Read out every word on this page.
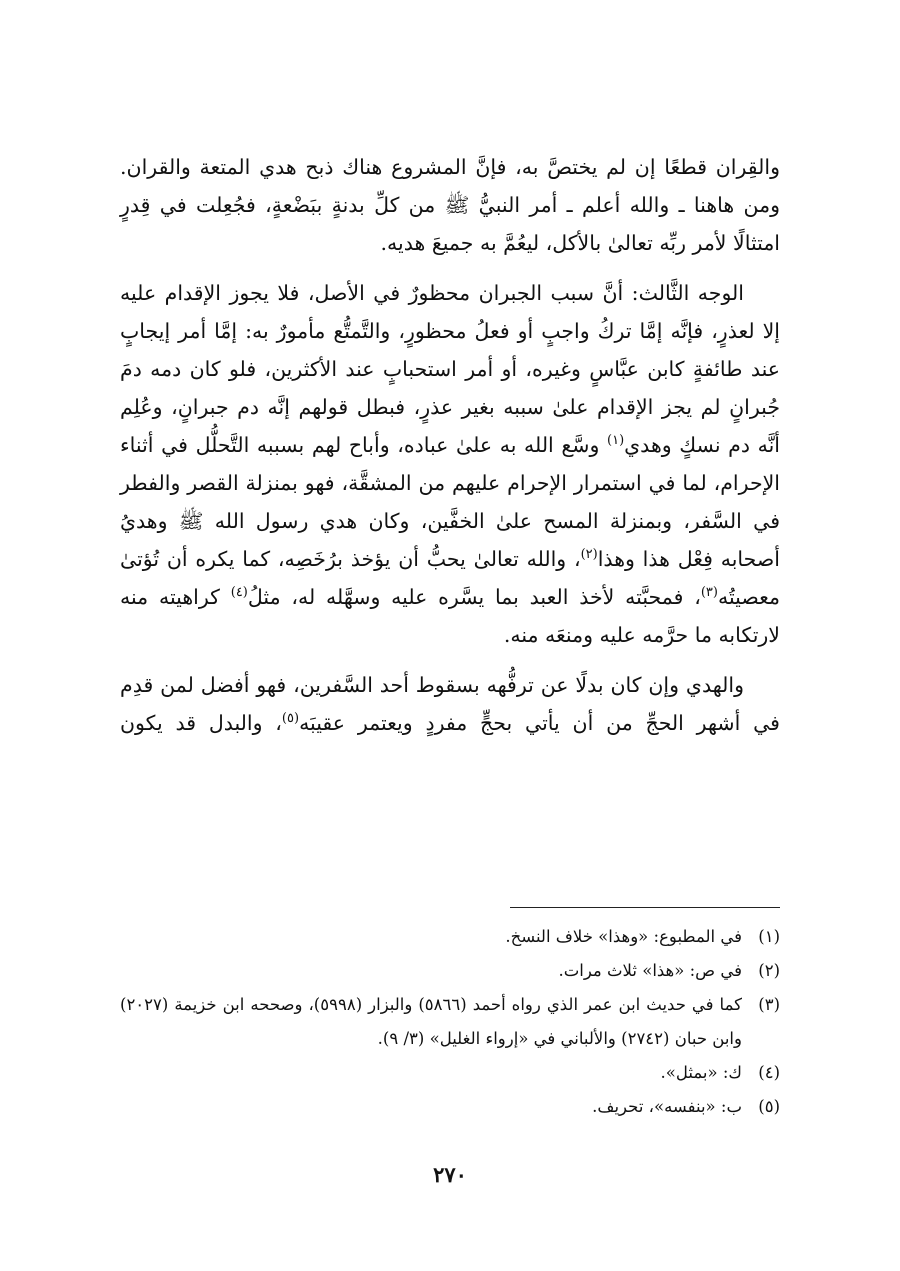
والقِران قطعًا إن لم يختصَّ به، فإنَّ المشروع هناك ذبح هدي المتعة والقران. ومن هاهنا ـ والله أعلم ـ أمر النبيُّ ﷺ من كلِّ بدنةٍ ببَضْعةٍ، فجُعِلت في قِدرٍ امتثالًا لأمر ربِّه تعالىٰ بالأكل، ليعُمَّ به جميعَ هديه.

الوجه الثَّالث: أنَّ سبب الجبران محظورٌ في الأصل، فلا يجوز الإقدام عليه إلا لعذرٍ، فإنَّه إمَّا تركُ واجبٍ أو فعلُ محظورٍ، والتَّمتُّع مأمورٌ به: إمَّا أمر إيجابٍ عند طائفةٍ كابن عبَّاسٍ وغيره، أو أمر استحبابٍ عند الأكثرين، فلو كان دمه دمَ جُبرانٍ لم يجز الإقدام علىٰ سببه بغير عذرٍ، فبطل قولهم إنَّه دم جبرانٍ، وعُلِم أنَّه دم نسكٍ وهدي$^{(١)}$ وسَّع الله به علىٰ عباده، وأباح لهم بسببه التَّحلُّل في أثناء الإحرام، لما في استمرار الإحرام عليهم من المشقَّة، فهو بمنزلة القصر والفطر في السَّفر، وبمنزلة المسح علىٰ الخفَّين، وكان هدي رسول الله ﷺ وهديُ أصحابه فِعْل هذا وهذا$^{(٢)}$، والله تعالىٰ يحبُّ أن يؤخذ برُخَصِه، كما يكره أن تُؤتىٰ معصيتُه$^{(٣)}$، فمحبَّته لأخذ العبد بما يسَّره عليه وسهَّله له، مثلُ$^{(٤)}$ كراهيته منه لارتكابه ما حرَّمه عليه ومنعَه منه.

والهدي وإن كان بدلًا عن ترفُّهه بسقوط أحد السَّفرين، فهو أفضل لمن قدِم في أشهر الحجِّ من أن يأتي بحجٍّ مفردٍ ويعتمر عقيبَه$^{(٥)}$، والبدل قد يكون

(١)
في المطبوع: «وهذا» خلاف النسخ.
(٢)
في ص: «هذا» ثلاث مرات.
(٣)
كما في حديث ابن عمر الذي رواه أحمد (٥٨٦٦) والبزار (٥٩٩٨)، وصححه ابن خزيمة (٢٠٢٧) وابن حبان (٢٧٤٢) والألباني في «إرواء الغليل» (٣/ ٩).
(٤)
ك: «بمثل».
(٥)
ب: «بنفسه»، تحريف.
٢٧٠
